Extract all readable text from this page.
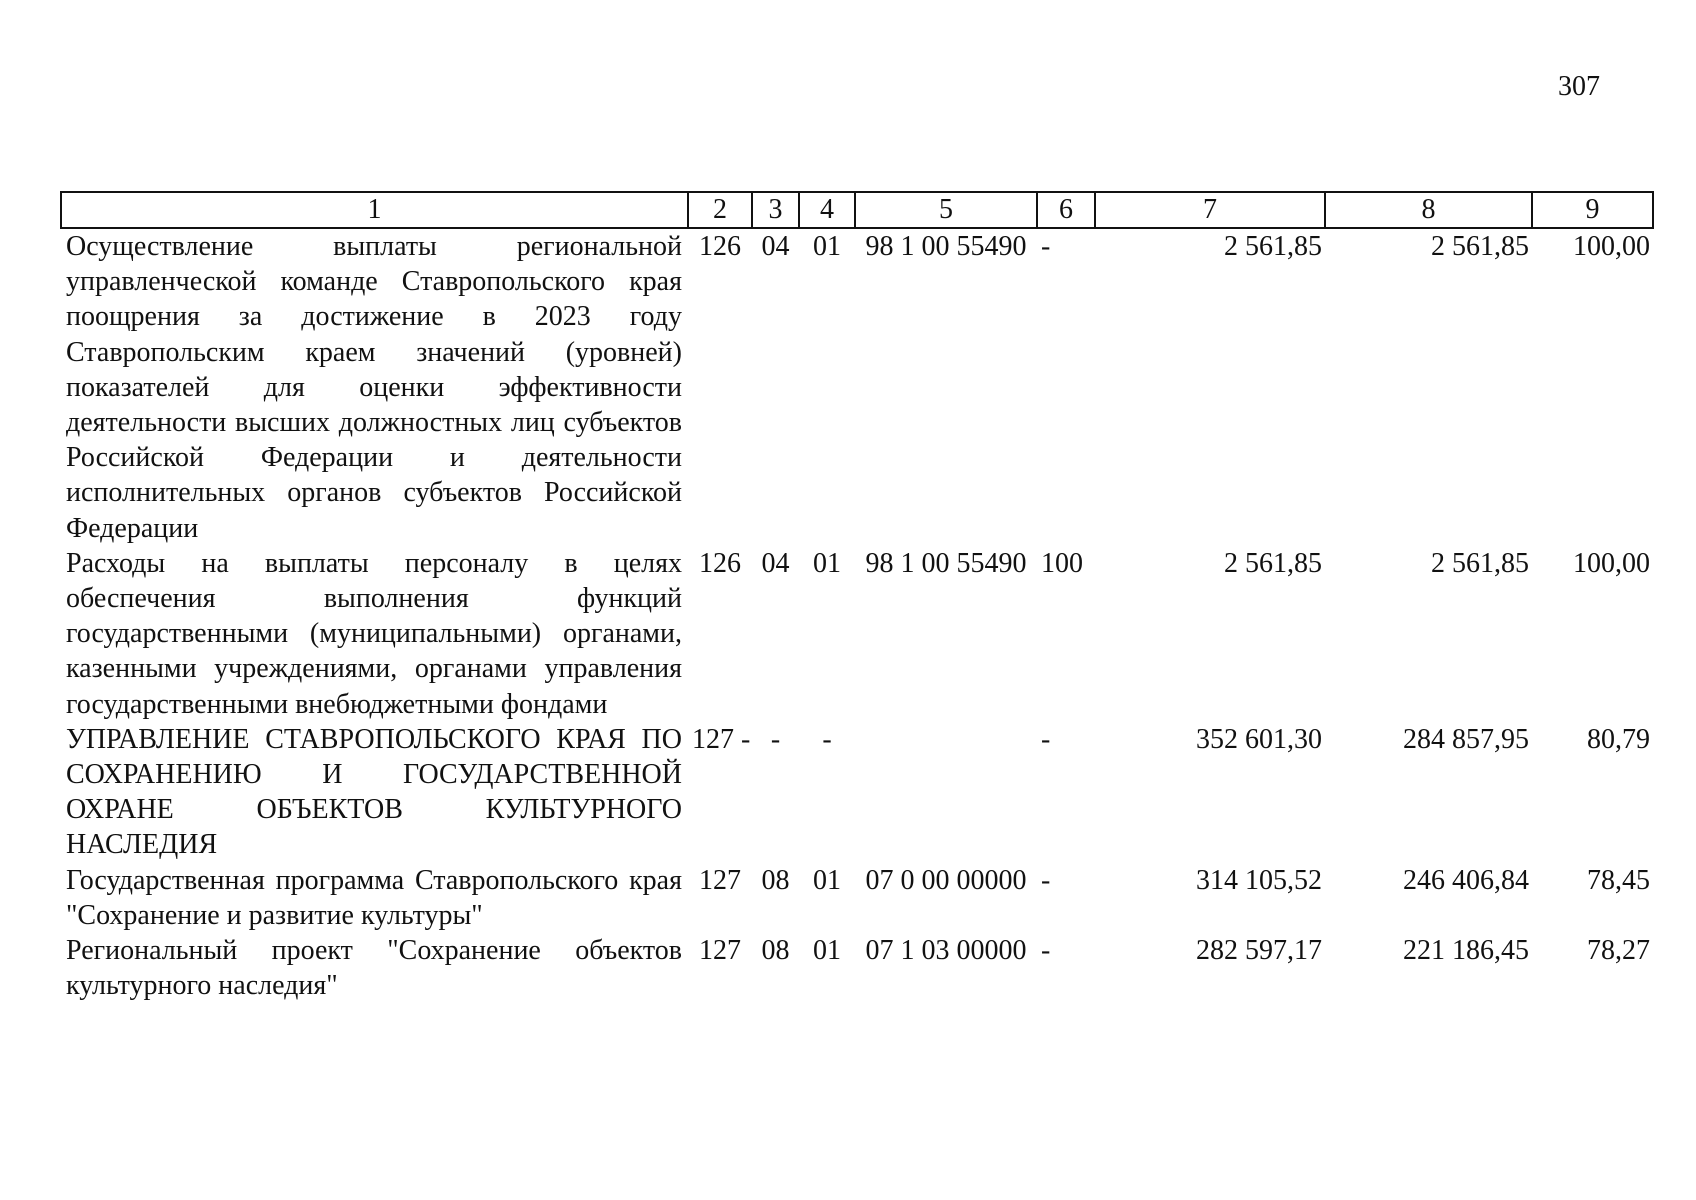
307
1	2	3	4	5	6	7	8	9
Осуществление выплаты региональной управленческой команде Ставропольского края поощрения за достижение в 2023 году Ставропольским краем значений (уровней) показателей для оценки эффективности деятельности высших должностных лиц субъектов Российской Федерации и деятельности исполнительных органов субъектов Российской Федерации	126	04	01	98 1 00 55490	-	2 561,85	2 561,85	100,00
Расходы на выплаты персоналу в целях обеспечения выполнения функций государственными (муниципальными) органами, казенными учреждениями, органами управления государственными внебюджетными фондами	126	04	01	98 1 00 55490	100	2 561,85	2 561,85	100,00
УПРАВЛЕНИЕ СТАВРОПОЛЬСКОГО КРАЯ ПО СОХРАНЕНИЮ И ГОСУДАРСТВЕННОЙ ОХРАНЕ ОБЪЕКТОВ КУЛЬТУРНОГО НАСЛЕДИЯ	127 -	-	-		-	352 601,30	284 857,95	80,79
Государственная программа Ставропольского края "Сохранение и развитие культуры"	127	08	01	07 0 00 00000	-	314 105,52	246 406,84	78,45
Региональный проект "Сохранение объектов культурного наследия"	127	08	01	07 1 03 00000	-	282 597,17	221 186,45	78,27
